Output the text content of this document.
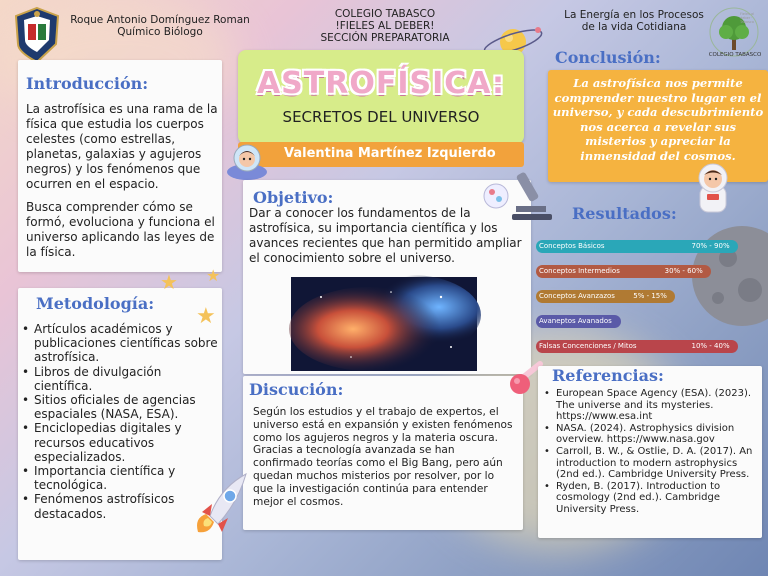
Roque Antonio Domínguez Roman
Químico Biólogo
COLEGIO TABASCO
!FIELES AL DEBER!
SECCIÓN PREPARATORIA
La Energía en los Procesos
de la vida Cotidiana
COLEGIO TABASCO
Fieles al deber · Tabasco
Introducción:
La astrofísica es una rama de la física que estudia los cuerpos celestes (como estrellas, planetas, galaxias y agujeros negros) y los fenómenos que ocurren en el espacio.
Busca comprender cómo se formó, evoluciona y funciona el universo aplicando las leyes de la física.
Metodología:
• Artículos académicos y publicaciones científicas sobre astrofísica.
• Libros de divulgación científica.
• Sitios oficiales de agencias espaciales (NASA, ESA).
• Enciclopedias digitales y recursos educativos especializados.
• Importancia científica y tecnológica.
• Fenómenos astrofísicos destacados.
★ ★
★
ASTROFÍSICA:
SECRETOS DEL UNIVERSO
Valentina Martínez Izquierdo
Objetivo:
Dar a conocer los fundamentos de la astrofísica, su importancia científica y los avances recientes que han permitido ampliar el conocimiento sobre el universo.
Discución:
Según los estudios y el trabajo de expertos, el universo está en expansión y existen fenómenos como los agujeros negros y la materia oscura. Gracias a tecnología avanzada se han confirmado teorías como el Big Bang, pero aún quedan muchos misterios por resolver, por lo que la investigación continúa para entender mejor el cosmos.
Conclusión:
La astrofísica nos permite comprender nuestro lugar en el universo, y cada descubrimiento nos acerca a revelar sus misterios y apreciar la inmensidad del cosmos.
Resultados:
Conceptos Básicos	70% - 90%
Conceptos Intermedios	30% - 60%
Conceptos Avanzazos	5% - 15%
Avaneptos Avanados
Falsas Concenciones / Mitos	10% - 40%
Referencias:
• European Space Agency (ESA). (2023). The universe and its mysteries. https://www.esa.int
• NASA. (2024). Astrophysics division overview. https://www.nasa.gov
• Carroll, B. W., & Ostlie, D. A. (2017). An introduction to modern astrophysics (2nd ed.). Cambridge University Press.
• Ryden, B. (2017). Introduction to cosmology (2nd ed.). Cambridge University Press.
